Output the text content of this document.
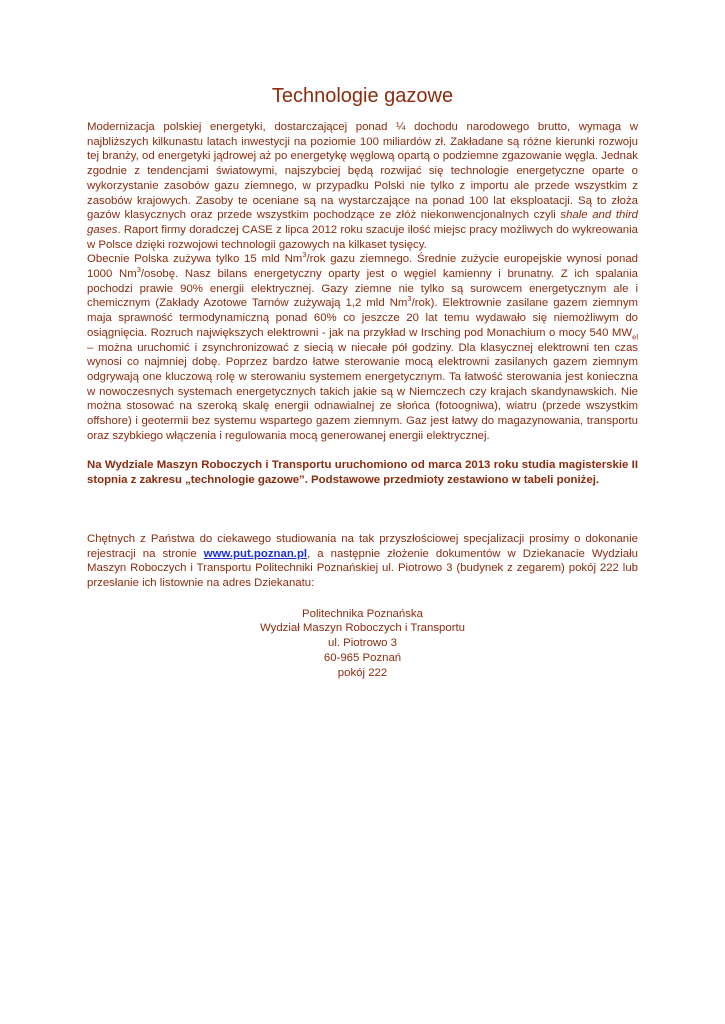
Technologie gazowe

Modernizacja polskiej energetyki, dostarczającej ponad ¼ dochodu narodowego brutto, wymaga w najbliższych kilkunastu latach inwestycji na poziomie 100 miliardów zł. Zakładane są różne kierunki rozwoju tej branży, od energetyki jądrowej aż po energetykę węglową opartą o podziemne zgazowanie węgla. Jednak zgodnie z tendencjami światowymi, najszybciej będą rozwijać się technologie energetyczne oparte o wykorzystanie zasobów gazu ziemnego, w przypadku Polski nie tylko z importu ale przede wszystkim z zasobów krajowych. Zasoby te oceniane są na wystarczające na ponad 100 lat eksploatacji. Są to złoża gazów klasycznych oraz przede wszystkim pochodzące ze złóż niekonwencjonalnych czyli shale and third gases. Raport firmy doradczej CASE z lipca 2012 roku szacuje ilość miejsc pracy możliwych do wykreowania w Polsce dzięki rozwojowi technologii gazowych na kilkaset tysięcy.

Obecnie Polska zużywa tylko 15 mld Nm$^3$/rok gazu ziemnego. Średnie zużycie europejskie wynosi ponad 1000 Nm$^3$/osobę. Nasz bilans energetyczny oparty jest o węgiel kamienny i brunatny. Z ich spalania pochodzi prawie 90% energii elektrycznej. Gazy ziemne nie tylko są surowcem energetycznym ale i chemicznym (Zakłady Azotowe Tarnów zużywają 1,2 mld Nm$^3$/rok). Elektrownie zasilane gazem ziemnym maja sprawność termodynamiczną ponad 60% co jeszcze 20 lat temu wydawało się niemożliwym do osiągnięcia. Rozruch największych elektrowni - jak na przykład w Irsching pod Monachium o mocy 540 $MW_{el}$ – można uruchomić i zsynchronizować z siecią w niecałe pół godziny. Dla klasycznej elektrowni ten czas wynosi co najmniej dobę. Poprzez bardzo łatwe sterowanie mocą elektrowni zasilanych gazem ziemnym odgrywają one kluczową rolę w sterowaniu systemem energetycznym. Ta łatwość sterowania jest konieczna w nowoczesnych systemach energetycznych takich jakie są w Niemczech czy krajach skandynawskich. Nie można stosować na szeroką skalę energii odnawialnej ze słońca (fotoogniwa), wiatru (przede wszystkim offshore) i geotermii bez systemu wspartego gazem ziemnym. Gaz jest łatwy do magazynowania, transportu oraz szybkiego włączenia i regulowania mocą generowanej energii elektrycznej.

Na Wydziale Maszyn Roboczych i Transportu uruchomiono od marca 2013 roku studia magisterskie II stopnia z zakresu „technologie gazowe”. Podstawowe przedmioty zestawiono w tabeli poniżej.

Chętnych z Państwa do ciekawego studiowania na tak przyszłościowej specjalizacji prosimy o dokonanie rejestracji na stronie www.put.poznan.pl, a następnie złożenie dokumentów w Dziekanacie Wydziału Maszyn Roboczych i Transportu Politechniki Poznańskiej ul. Piotrowo 3 (budynek z zegarem) pokój 222 lub przesłanie ich listownie na adres Dziekanatu:

Politechnika Poznańska
Wydział Maszyn Roboczych i Transportu
ul. Piotrowo 3
60-965 Poznań
pokój 222
